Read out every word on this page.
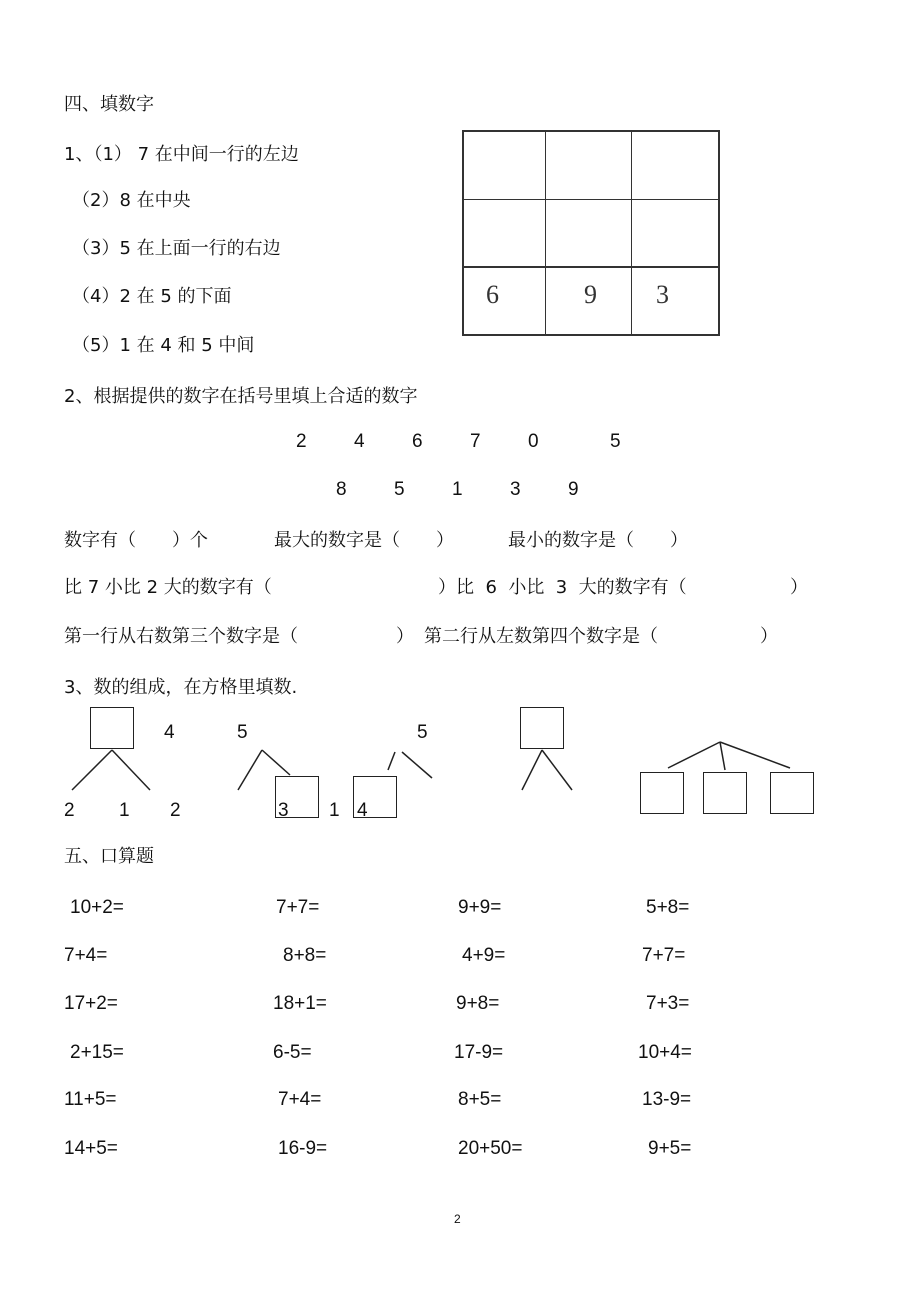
四、填数字
1、（1） 7 在中间一行的左边
（2）8 在中央
（3）5 在上面一行的右边
（4）2 在 5 的下面
（5）1 在 4 和 5 中间
6	9 3
2、根据提供的数字在括号里填上合适的数字
2 4 6 7 0	5
8 5 1 3 9
数字有（　　）个	最大的数字是（　　）	最小的数字是（　　）
比 7 小比 2 大的数字有（	）比  6  小比  3  大的数字有（	）
第一行从右数第三个数字是（	） 第二行从左数第四个数字是（	）
3、数的组成，在方格里填数.
2 1
4
2
5
3 1 4
5
五、口算题
10+2=	7+7=	9+9=	5+8=
7+4=	8+8=	4+9=	7+7=
17+2=	18+1=	9+8=	7+3=
2+15=	6-5=	17-9=	10+4=
11+5=	7+4=	8+5=	13-9=
14+5=	16-9=	20+50=	9+5=
2
